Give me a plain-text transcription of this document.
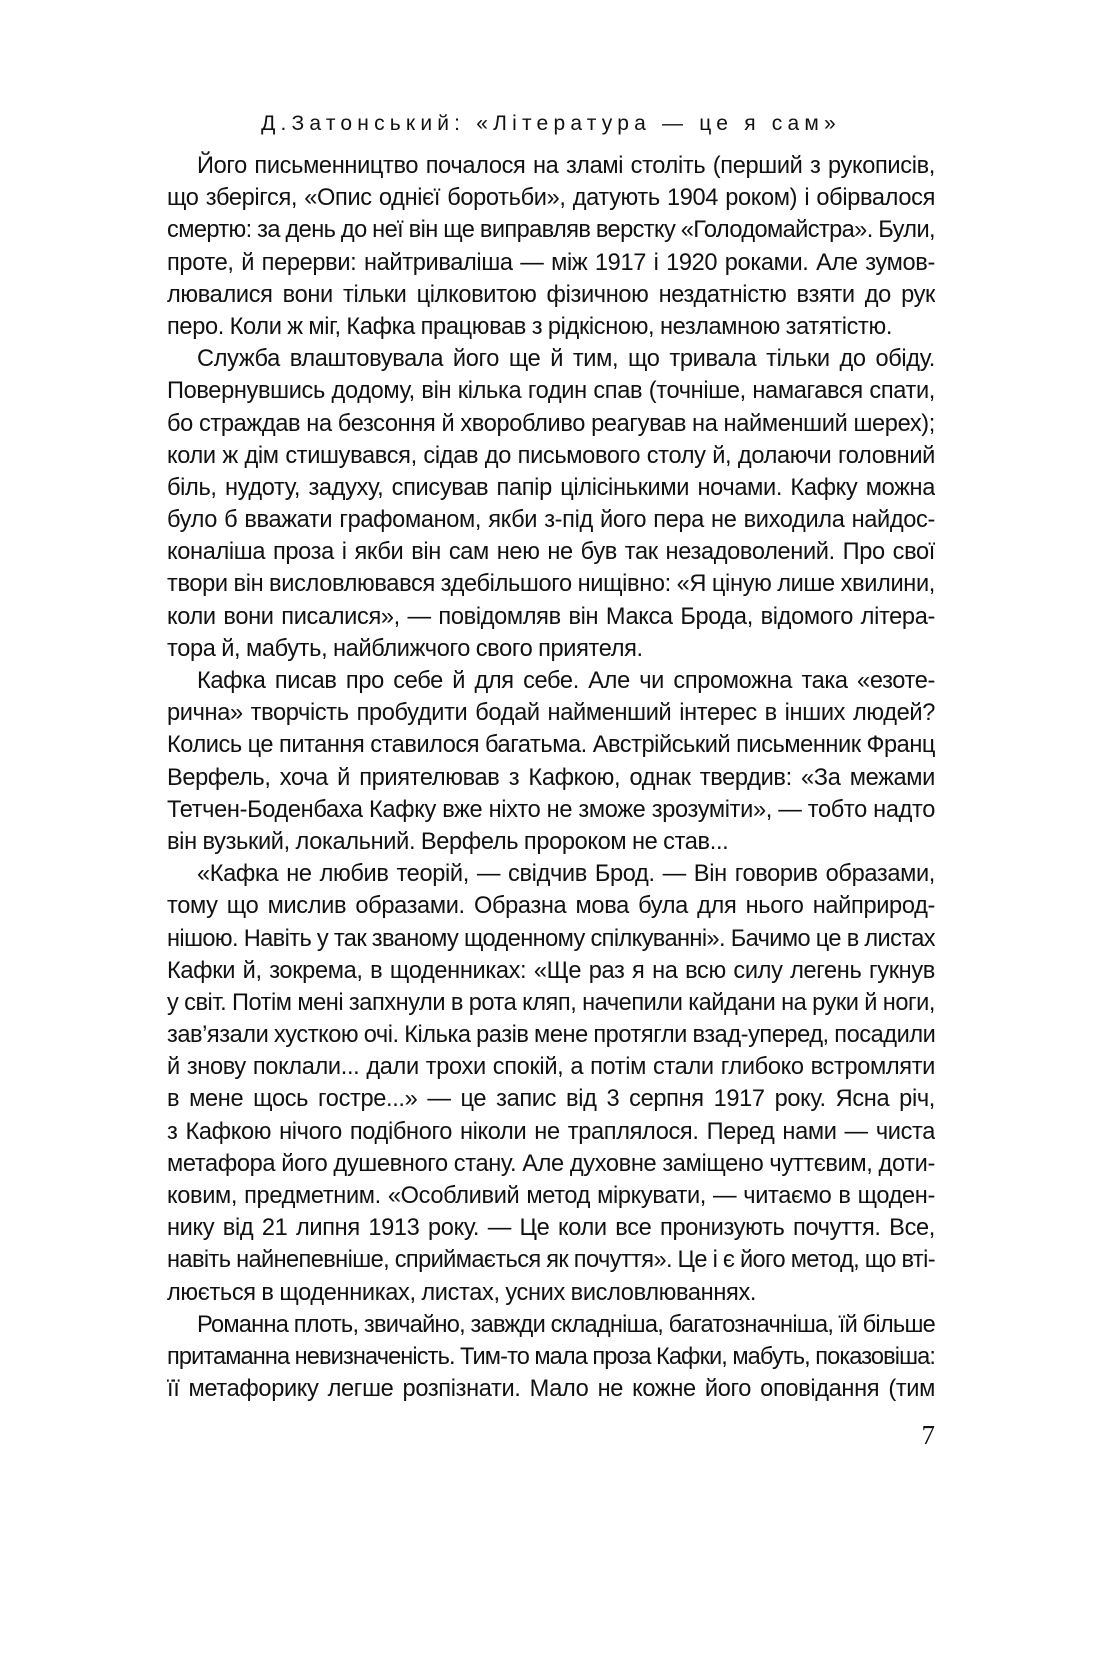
Д.Затонський: «Література — це я сам»

Його письменництво почалося на зламі століть (перший з рукописів,
що зберігся, «Опис однієї боротьби», датують 1904 роком) і обірвалося
смертю: за день до неї він ще виправляв верстку «Голодомайстра». Були,
проте, й перерви: найтриваліша — між 1917 і 1920 роками. Але зумов-
лювалися вони тільки цілковитою фізичною нездатністю взяти до рук
перо. Коли ж міг, Кафка працював з рідкісною, незламною затятістю.

Служба влаштовувала його ще й тим, що тривала тільки до обіду.
Повернувшись додому, він кілька годин спав (точніше, намагався спати,
бо страждав на безсоння й хворобливо реагував на найменший шерех);
коли ж дім стишувався, сідав до письмового столу й, долаючи головний
біль, нудоту, задуху, списував папір цілісінькими ночами. Кафку можна
було б вважати графоманом, якби з-під його пера не виходила найдос-
коналіша проза і якби він сам нею не був так незадоволений. Про свої
твори він висловлювався здебільшого нищівно: «Я ціную лише хвилини,
коли вони писалися», — повідомляв він Макса Брода, відомого літера-
тора й, мабуть, найближчого свого приятеля.

Кафка писав про себе й для себе. Але чи спроможна така «езоте-
рична» творчість пробудити бодай найменший інтерес в інших людей?
Колись це питання ставилося багатьма. Австрійський письменник Франц
Верфель, хоча й приятелював з Кафкою, однак твердив: «За межами
Тетчен-Боденбаха Кафку вже ніхто не зможе зрозуміти», — тобто надто
він вузький, локальний. Верфель пророком не став...

«Кафка не любив теорій, — свідчив Брод. — Він говорив образами,
тому що мислив образами. Образна мова була для нього найприрод-
нішою. Навіть у так званому щоденному спілкуванні». Бачимо це в листах
Кафки й, зокрема, в щоденниках: «Ще раз я на всю силу легень гукнув
у світ. Потім мені запхнули в рота кляп, начепили кайдани на руки й ноги,
зав’язали хусткою очі. Кілька разів мене протягли взад-уперед, посадили
й знову поклали... дали трохи спокій, а потім стали глибоко встромляти
в мене щось гостре...» — це запис від 3 серпня 1917 року. Ясна річ,
з Кафкою нічого подібного ніколи не траплялося. Перед нами — чиста
метафора його душевного стану. Але духовне заміщено чуттєвим, доти-
ковим, предметним. «Особливий метод міркувати, — читаємо в щоден-
нику від 21 липня 1913 року. — Це коли все пронизують почуття. Все,
навіть найнепевніше, сприймається як почуття». Це і є його метод, що вті-
люється в щоденниках, листах, усних висловлюваннях.

Романна плоть, звичайно, завжди складніша, багатозначніша, їй більше
притаманна невизначеність. Тим-то мала проза Кафки, мабуть, показовіша:
її метафорику легше розпізнати. Мало не кожне його оповідання (тим

7
